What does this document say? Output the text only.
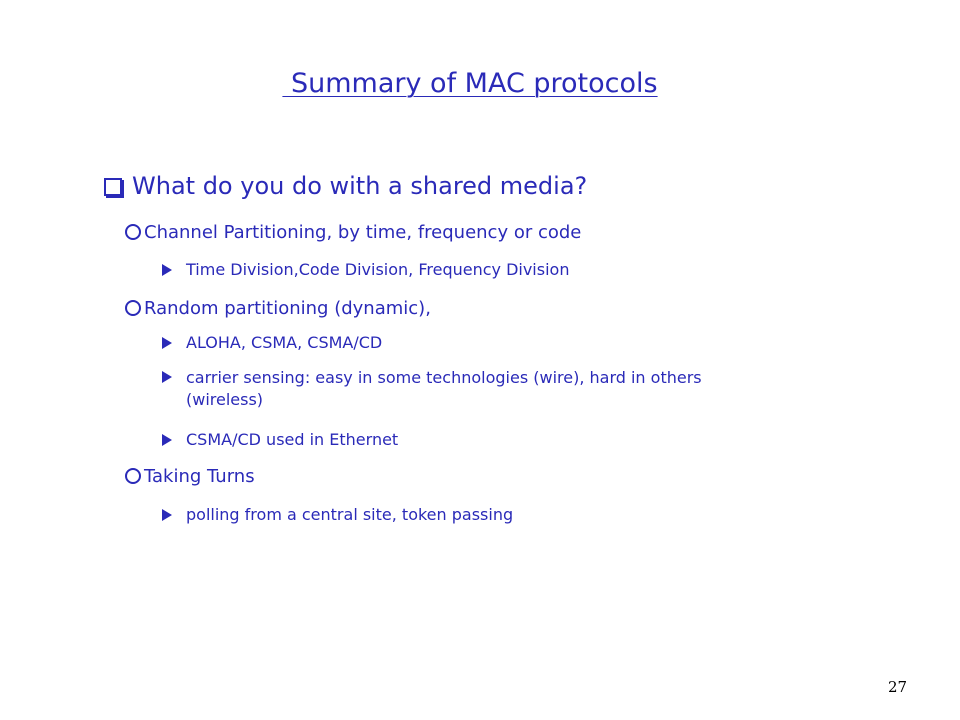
Summary of MAC protocols
What do you do with a shared media?
Channel Partitioning, by time, frequency or code
Time Division,Code Division, Frequency Division
Random partitioning (dynamic),
ALOHA, CSMA, CSMA/CD
carrier sensing: easy in some technologies (wire), hard in others (wireless)
CSMA/CD used in Ethernet
Taking Turns
polling from a central site, token passing
27
